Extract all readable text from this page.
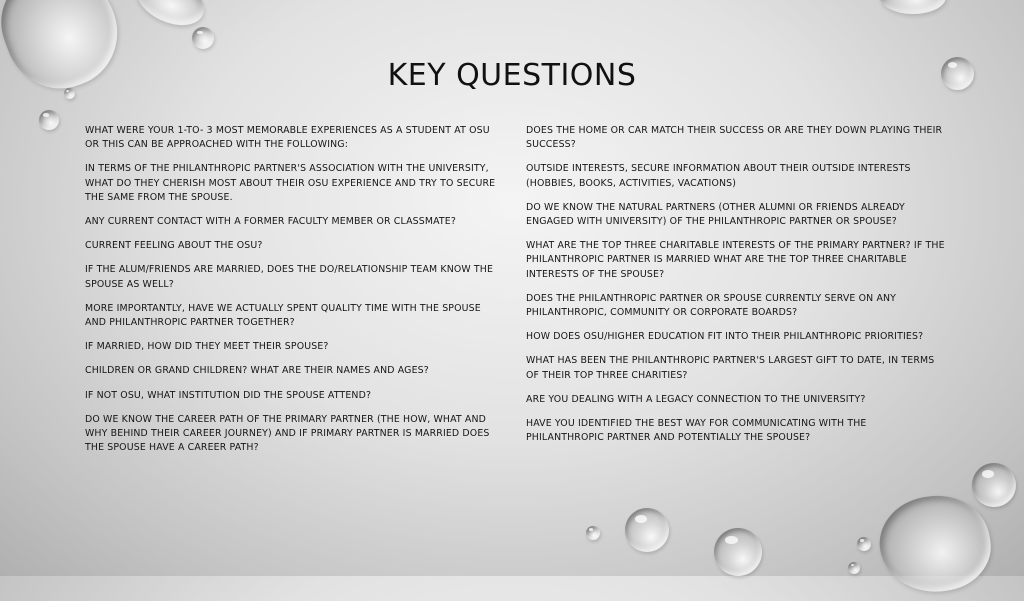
KEY QUESTIONS

WHAT WERE YOUR 1-TO- 3 MOST MEMORABLE EXPERIENCES AS A STUDENT AT OSU OR THIS CAN BE APPROACHED WITH THE FOLLOWING:

IN TERMS OF THE PHILANTHROPIC PARTNER'S ASSOCIATION WITH THE UNIVERSITY, WHAT DO THEY CHERISH MOST ABOUT THEIR OSU EXPERIENCE AND TRY TO SECURE THE SAME FROM THE SPOUSE.

ANY CURRENT CONTACT WITH A FORMER FACULTY MEMBER OR CLASSMATE?

CURRENT FEELING ABOUT THE OSU?

IF THE ALUM/FRIENDS ARE MARRIED, DOES THE DO/RELATIONSHIP TEAM KNOW THE SPOUSE AS WELL?

MORE IMPORTANTLY, HAVE WE ACTUALLY SPENT QUALITY TIME WITH THE SPOUSE AND PHILANTHROPIC PARTNER TOGETHER?

IF MARRIED, HOW DID THEY MEET THEIR SPOUSE?

CHILDREN OR GRAND CHILDREN? WHAT ARE THEIR NAMES AND AGES?

IF NOT OSU, WHAT INSTITUTION DID THE SPOUSE ATTEND?

DO WE KNOW THE CAREER PATH OF THE PRIMARY PARTNER (THE HOW, WHAT AND WHY BEHIND THEIR CAREER JOURNEY) AND IF PRIMARY PARTNER IS MARRIED DOES THE SPOUSE HAVE A CAREER PATH?

DOES THE HOME OR CAR MATCH THEIR SUCCESS OR ARE THEY DOWN PLAYING THEIR SUCCESS?

OUTSIDE INTERESTS, SECURE INFORMATION ABOUT THEIR OUTSIDE INTERESTS (HOBBIES, BOOKS, ACTIVITIES, VACATIONS)

DO WE KNOW THE NATURAL PARTNERS (OTHER ALUMNI OR FRIENDS ALREADY ENGAGED WITH UNIVERSITY) OF THE PHILANTHROPIC PARTNER OR SPOUSE?

WHAT ARE THE TOP THREE CHARITABLE INTERESTS OF THE PRIMARY PARTNER? IF THE PHILANTHROPIC PARTNER IS MARRIED WHAT ARE THE TOP THREE CHARITABLE INTERESTS OF THE SPOUSE?

DOES THE PHILANTHROPIC PARTNER OR SPOUSE CURRENTLY SERVE ON ANY PHILANTHROPIC, COMMUNITY OR CORPORATE BOARDS?

HOW DOES OSU/HIGHER EDUCATION FIT INTO THEIR PHILANTHROPIC PRIORITIES?

WHAT HAS BEEN THE PHILANTHROPIC PARTNER'S LARGEST GIFT TO DATE, IN TERMS OF THEIR TOP THREE CHARITIES?

ARE YOU DEALING WITH A LEGACY CONNECTION TO THE UNIVERSITY?

HAVE YOU IDENTIFIED THE BEST WAY FOR COMMUNICATING WITH THE PHILANTHROPIC PARTNER AND POTENTIALLY THE SPOUSE?
